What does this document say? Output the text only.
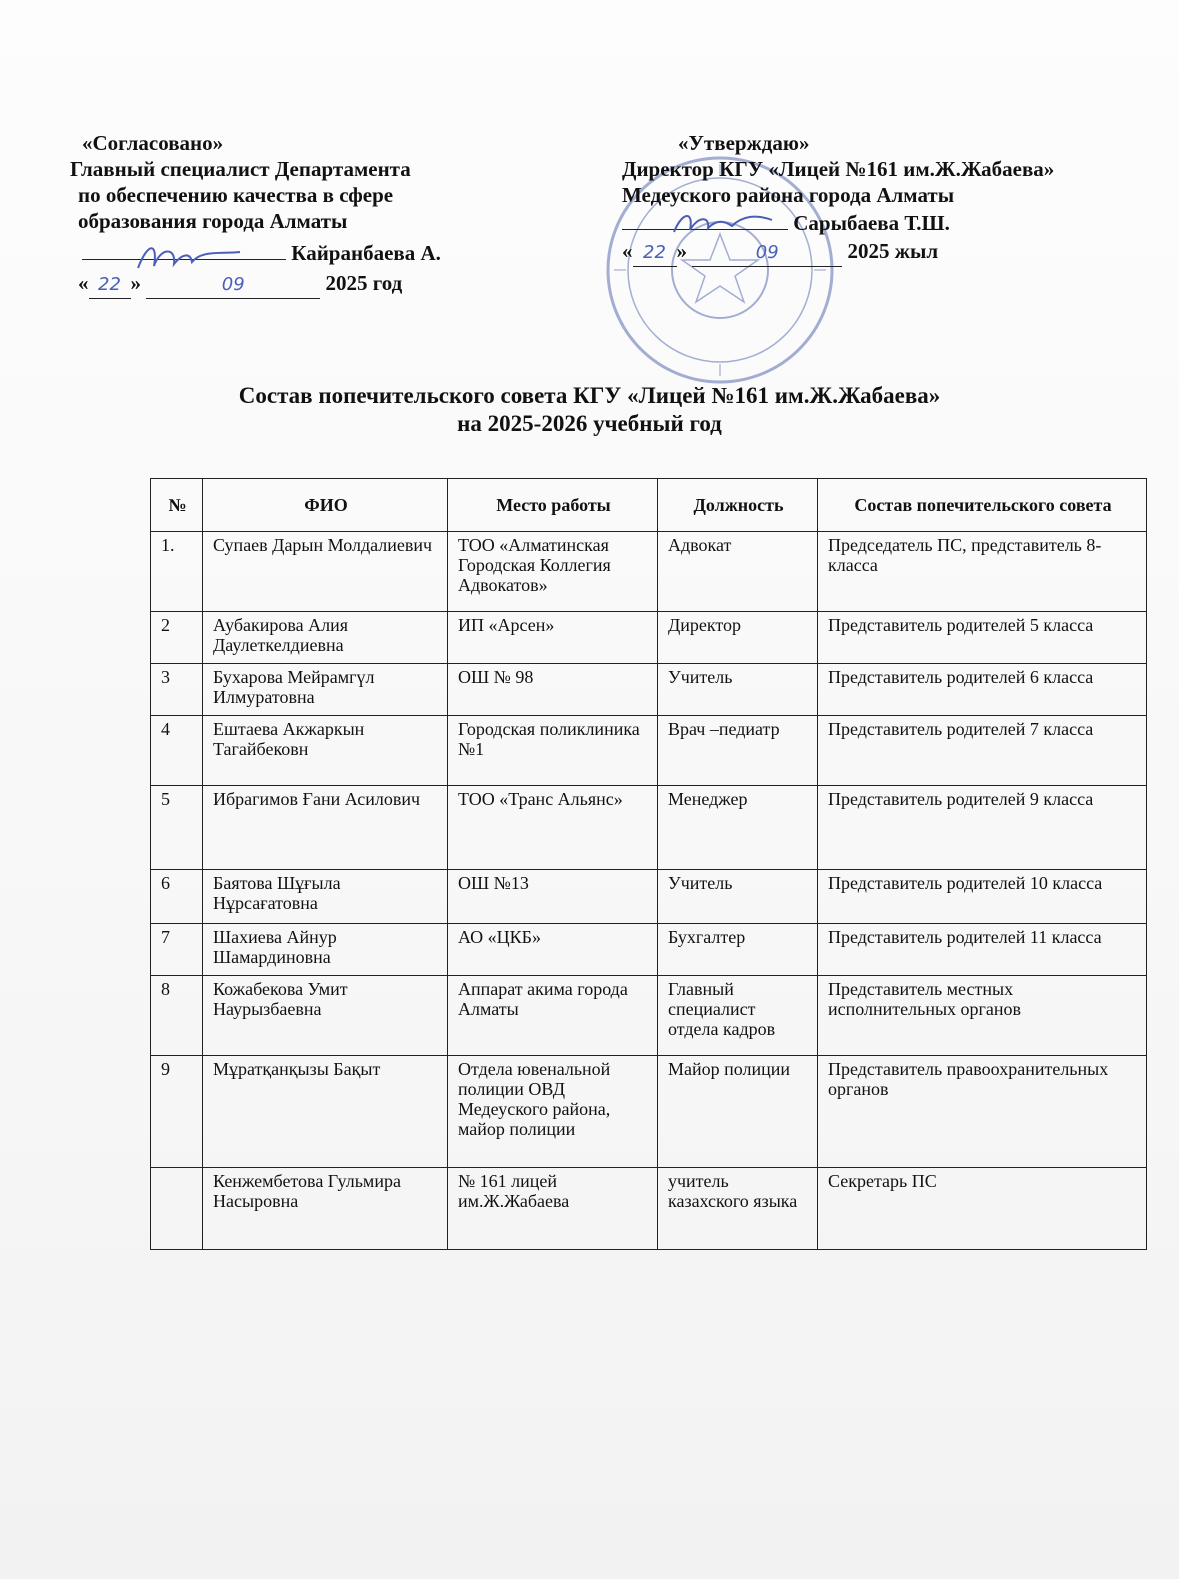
«Согласовано»
Главный специалист Департамента
по обеспечению качества в сфере
образования города Алматы
Кайранбаева А.
« 22 »	09	2025 год
«Утверждаю»
Директор КГУ «Лицей №161 им.Ж.Жабаева»
Медеуского района города Алматы
Сарыбаева Т.Ш.
« 22 »	09	2025 жыл
Состав попечительского совета КГУ «Лицей №161 им.Ж.Жабаева»
на 2025-2026 учебный год
№	ФИО	Место работы	Должность	Состав попечительского совета
1.	Супаев Дарын Молдалиевич	ТОО «Алматинская Городская Коллегия Адвокатов»	Адвокат	Председатель ПС, представитель 8-класса
2	Аубакирова Алия Даулеткелдиевна	ИП «Арсен»	Директор	Представитель родителей 5 класса
3	Бухарова Мейрамгүл Илмуратовна	ОШ № 98	Учитель	Представитель родителей 6 класса
4	Ештаева Акжаркын Тагайбековн	Городская поликлиника №1	Врач –педиатр	Представитель родителей 7 класса
5	Ибрагимов Ғани Асилович	ТОО «Транс Альянс»	Менеджер	Представитель родителей 9 класса
6	Баятова Шұғыла Нұрсағатовна	ОШ №13	Учитель	Представитель родителей 10 класса
7	Шахиева Айнур Шамардиновна	АО «ЦКБ»	Бухгалтер	Представитель родителей 11 класса
8	Кожабекова Умит Наурызбаевна	Аппарат акима города Алматы	Главный специалист отдела кадров	Представитель местных исполнительных органов
9	Мұратқанқызы Бақыт	Отдела ювенальной полиции ОВД Медеуского района, майор полиции	Майор полиции	Представитель правоохранительных органов
	Кенжембетова Гульмира Насыровна	№ 161 лицей им.Ж.Жабаева	учитель казахского языка	Секретарь ПС
